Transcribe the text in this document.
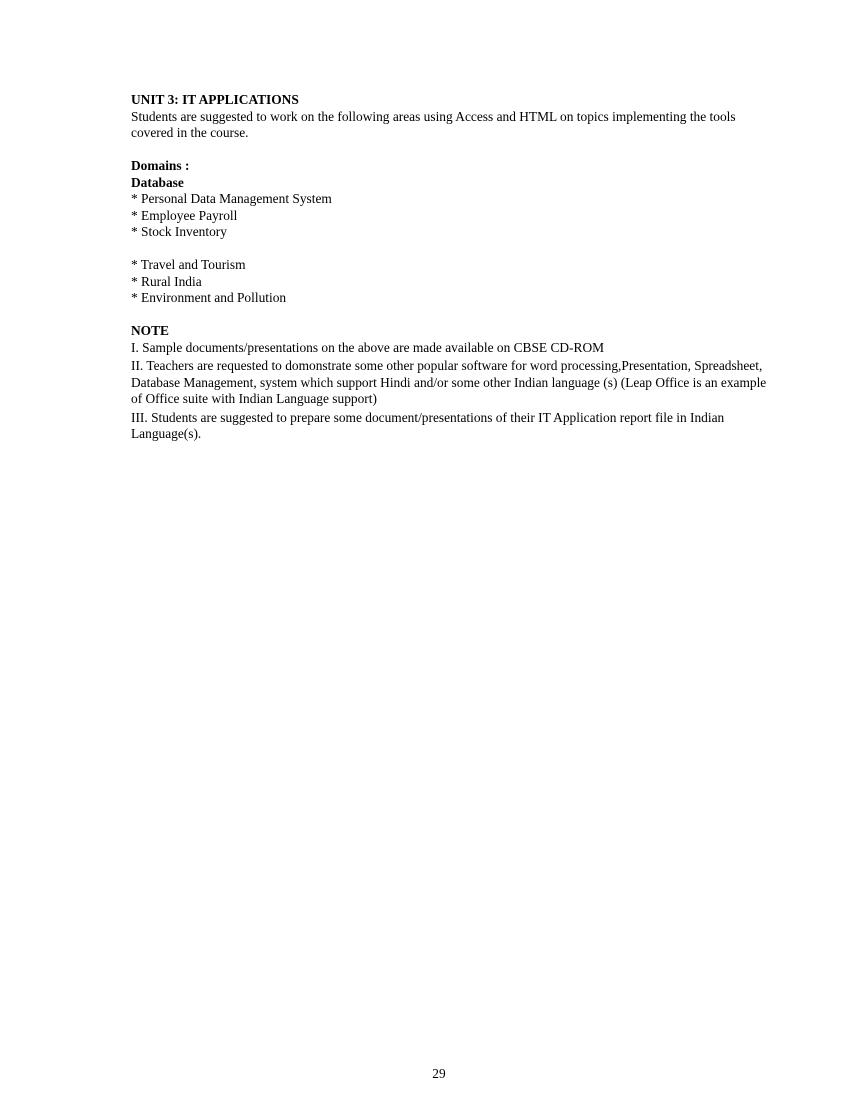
UNIT 3: IT APPLICATIONS

Students are suggested to work on the following areas using Access and HTML on topics implementing the tools covered in the course.

Domains :

Database

* Personal Data Management System
* Employee Payroll
* Stock Inventory
* Travel and Tourism
* Rural India
* Environment and Pollution

NOTE

I. Sample documents/presentations on the above are made available on CBSE CD-ROM

II. Teachers are requested to domonstrate some other popular software for word processing,Presentation, Spreadsheet, Database Management, system which support Hindi and/or some other Indian language (s) (Leap Office is an example of Office suite with Indian Language support)

III. Students are suggested to prepare some document/presentations of their IT Application report file in Indian Language(s).

29
